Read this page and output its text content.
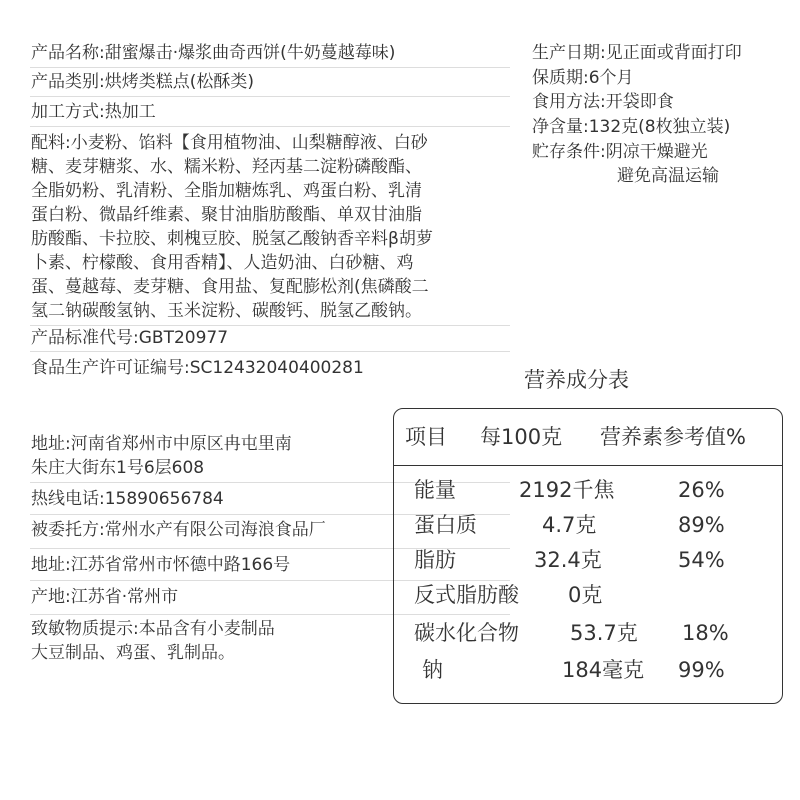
产品名称:甜蜜爆击·爆浆曲奇西饼(牛奶蔓越莓味)
产品类别:烘烤类糕点(松酥类)
加工方式:热加工
配料:小麦粉、馅料【食用植物油、山梨糖醇液、白砂
糖、麦芽糖浆、水、糯米粉、羟丙基二淀粉磷酸酯、
全脂奶粉、乳清粉、全脂加糖炼乳、鸡蛋白粉、乳清
蛋白粉、微晶纤维素、聚甘油脂肪酸酯、单双甘油脂
肪酸酯、卡拉胶、刺槐豆胶、脱氢乙酸钠香辛料β胡萝
卜素、柠檬酸、食用香精】、人造奶油、白砂糖、鸡
蛋、蔓越莓、麦芽糖、食用盐、复配膨松剂(焦磷酸二
氢二钠碳酸氢钠、玉米淀粉、碳酸钙、脱氢乙酸钠。
产品标准代号:GBT20977
食品生产许可证编号:SC12432040400281
生产日期:见正面或背面打印
保质期:6个月
食用方法:开袋即食
净含量:132克(8枚独立装)
贮存条件:阴凉干燥避光
避免高温运输
地址:河南省郑州市中原区冉屯里南
朱庄大街东1号6层608
热线电话:15890656784
被委托方:常州水产有限公司海浪食品厂
地址:江苏省常州市怀德中路166号
产地:江苏省·常州市
致敏物质提示:本品含有小麦制品
大豆制品、鸡蛋、乳制品。
营养成分表
项目 每100克 营养素参考值%
能量	2192千焦	26%
蛋白质	4.7克	89%
脂肪	32.4克	54%
反式脂肪酸 0克
碳水化合物 53.7克 18%
钠	184毫克 99%
